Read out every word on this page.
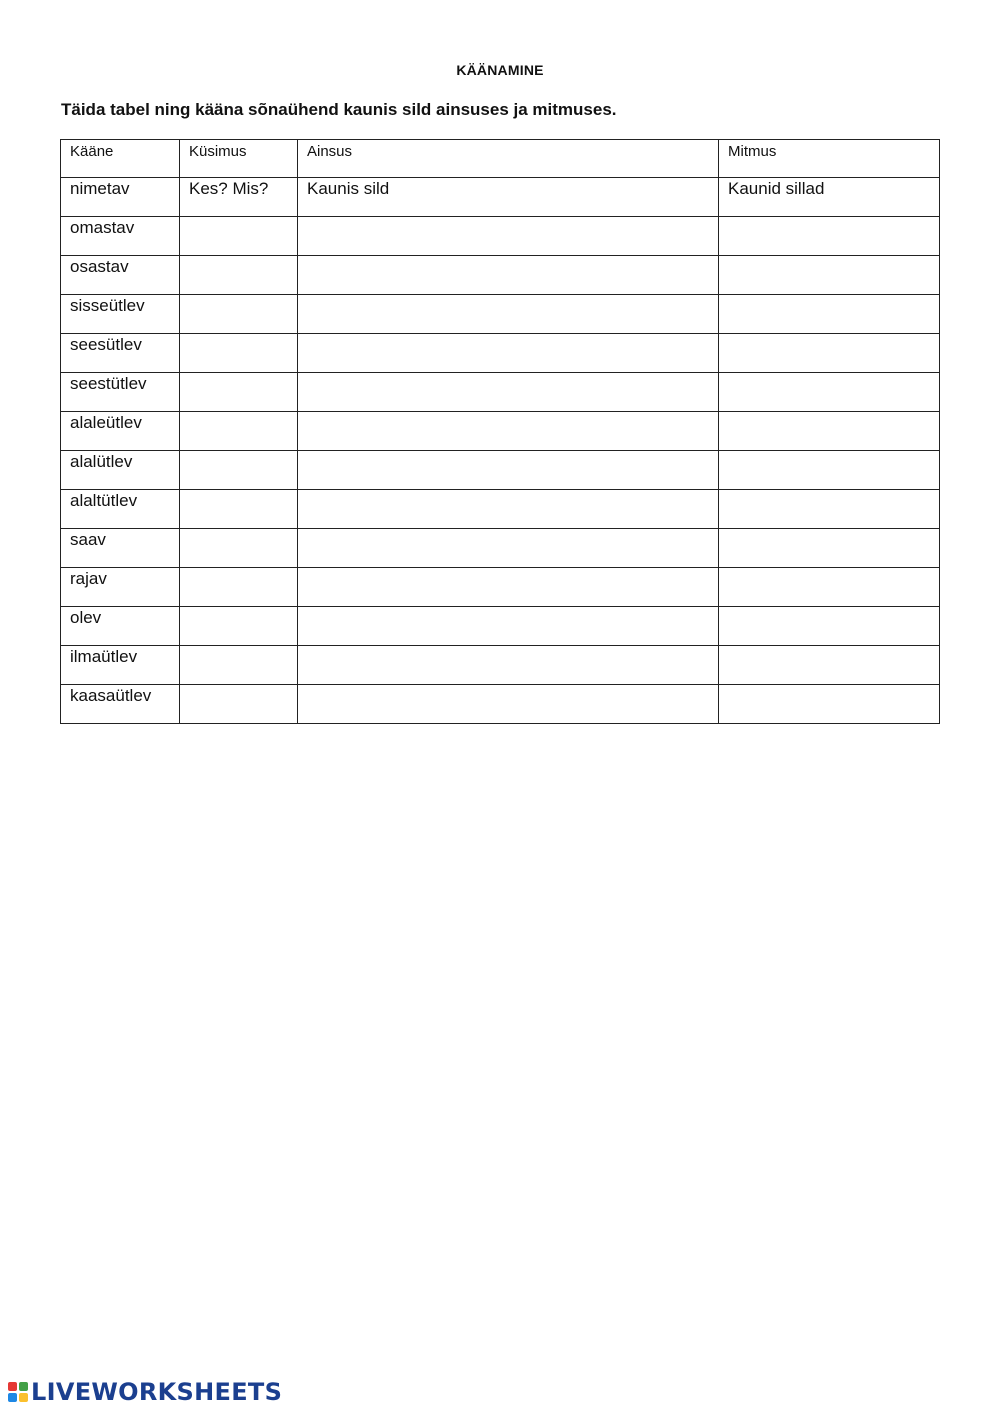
KÄÄNAMINE
Täida tabel ning kääna sõnaühend kaunis sild ainsuses ja mitmuses.
Kääne	Küsimus	Ainsus	Mitmus
nimetav	Kes? Mis?	Kaunis sild	Kaunid sillad
omastav			
osastav			
sisseütlev			
seesütlev			
seestütlev			
alaleütlev			
alalütlev			
alaltütlev			
saav			
rajav			
olev			
ilmaütlev			
kaasaütlev			
LIVEWORKSHEETS
